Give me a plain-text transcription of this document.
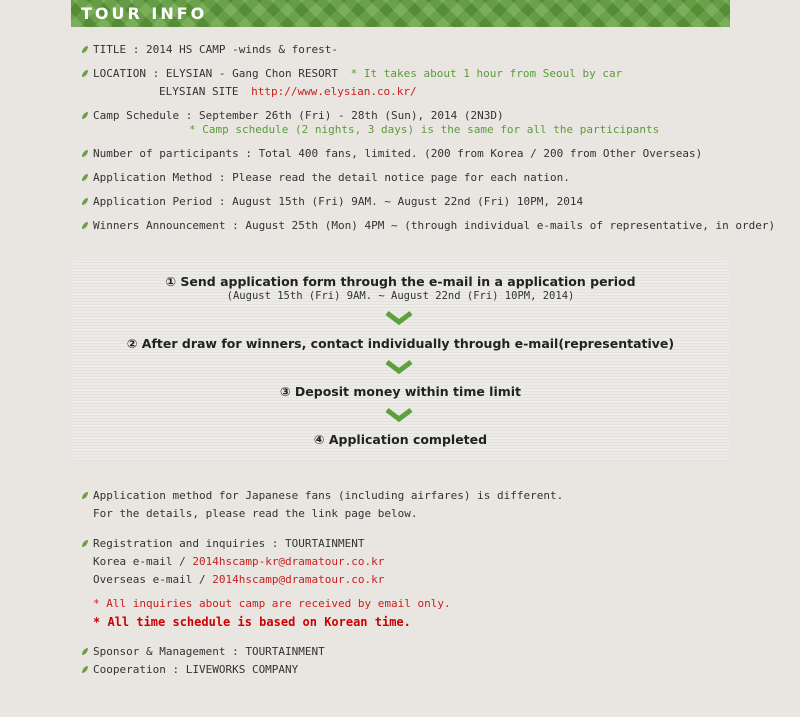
TOUR INFO
TITLE : 2014 HS CAMP -winds & forest-
LOCATION : ELYSIAN - Gang Chon RESORT * It takes about 1 hour from Seoul by car
ELYSIAN SITE http://www.elysian.co.kr/
Camp Schedule : September 26th (Fri) - 28th (Sun), 2014 (2N3D)
* Camp schedule (2 nights, 3 days) is the same for all the participants
Number of participants : Total 400 fans, limited. (200 from Korea / 200 from Other Overseas)
Application Method : Please read the detail notice page for each nation.
Application Period : August 15th (Fri) 9AM. ~ August 22nd (Fri) 10PM, 2014
Winners Announcement : August 25th (Mon) 4PM ~ (through individual e-mails of representative, in order)
① Send application form through the e-mail in a application period
(August 15th (Fri) 9AM. ~ August 22nd (Fri) 10PM, 2014)
② After draw for winners, contact individually through e-mail(representative)
③ Deposit money within time limit
④ Application completed
Application method for Japanese fans (including airfares) is different.
For the details, please read the link page below.
Registration and inquiries : TOURTAINMENT
Korea e-mail / 2014hscamp-kr@dramatour.co.kr
Overseas e-mail / 2014hscamp@dramatour.co.kr
* All inquiries about camp are received by email only.
* All time schedule is based on Korean time.
Sponsor & Management : TOURTAINMENT
Cooperation : LIVEWORKS COMPANY
